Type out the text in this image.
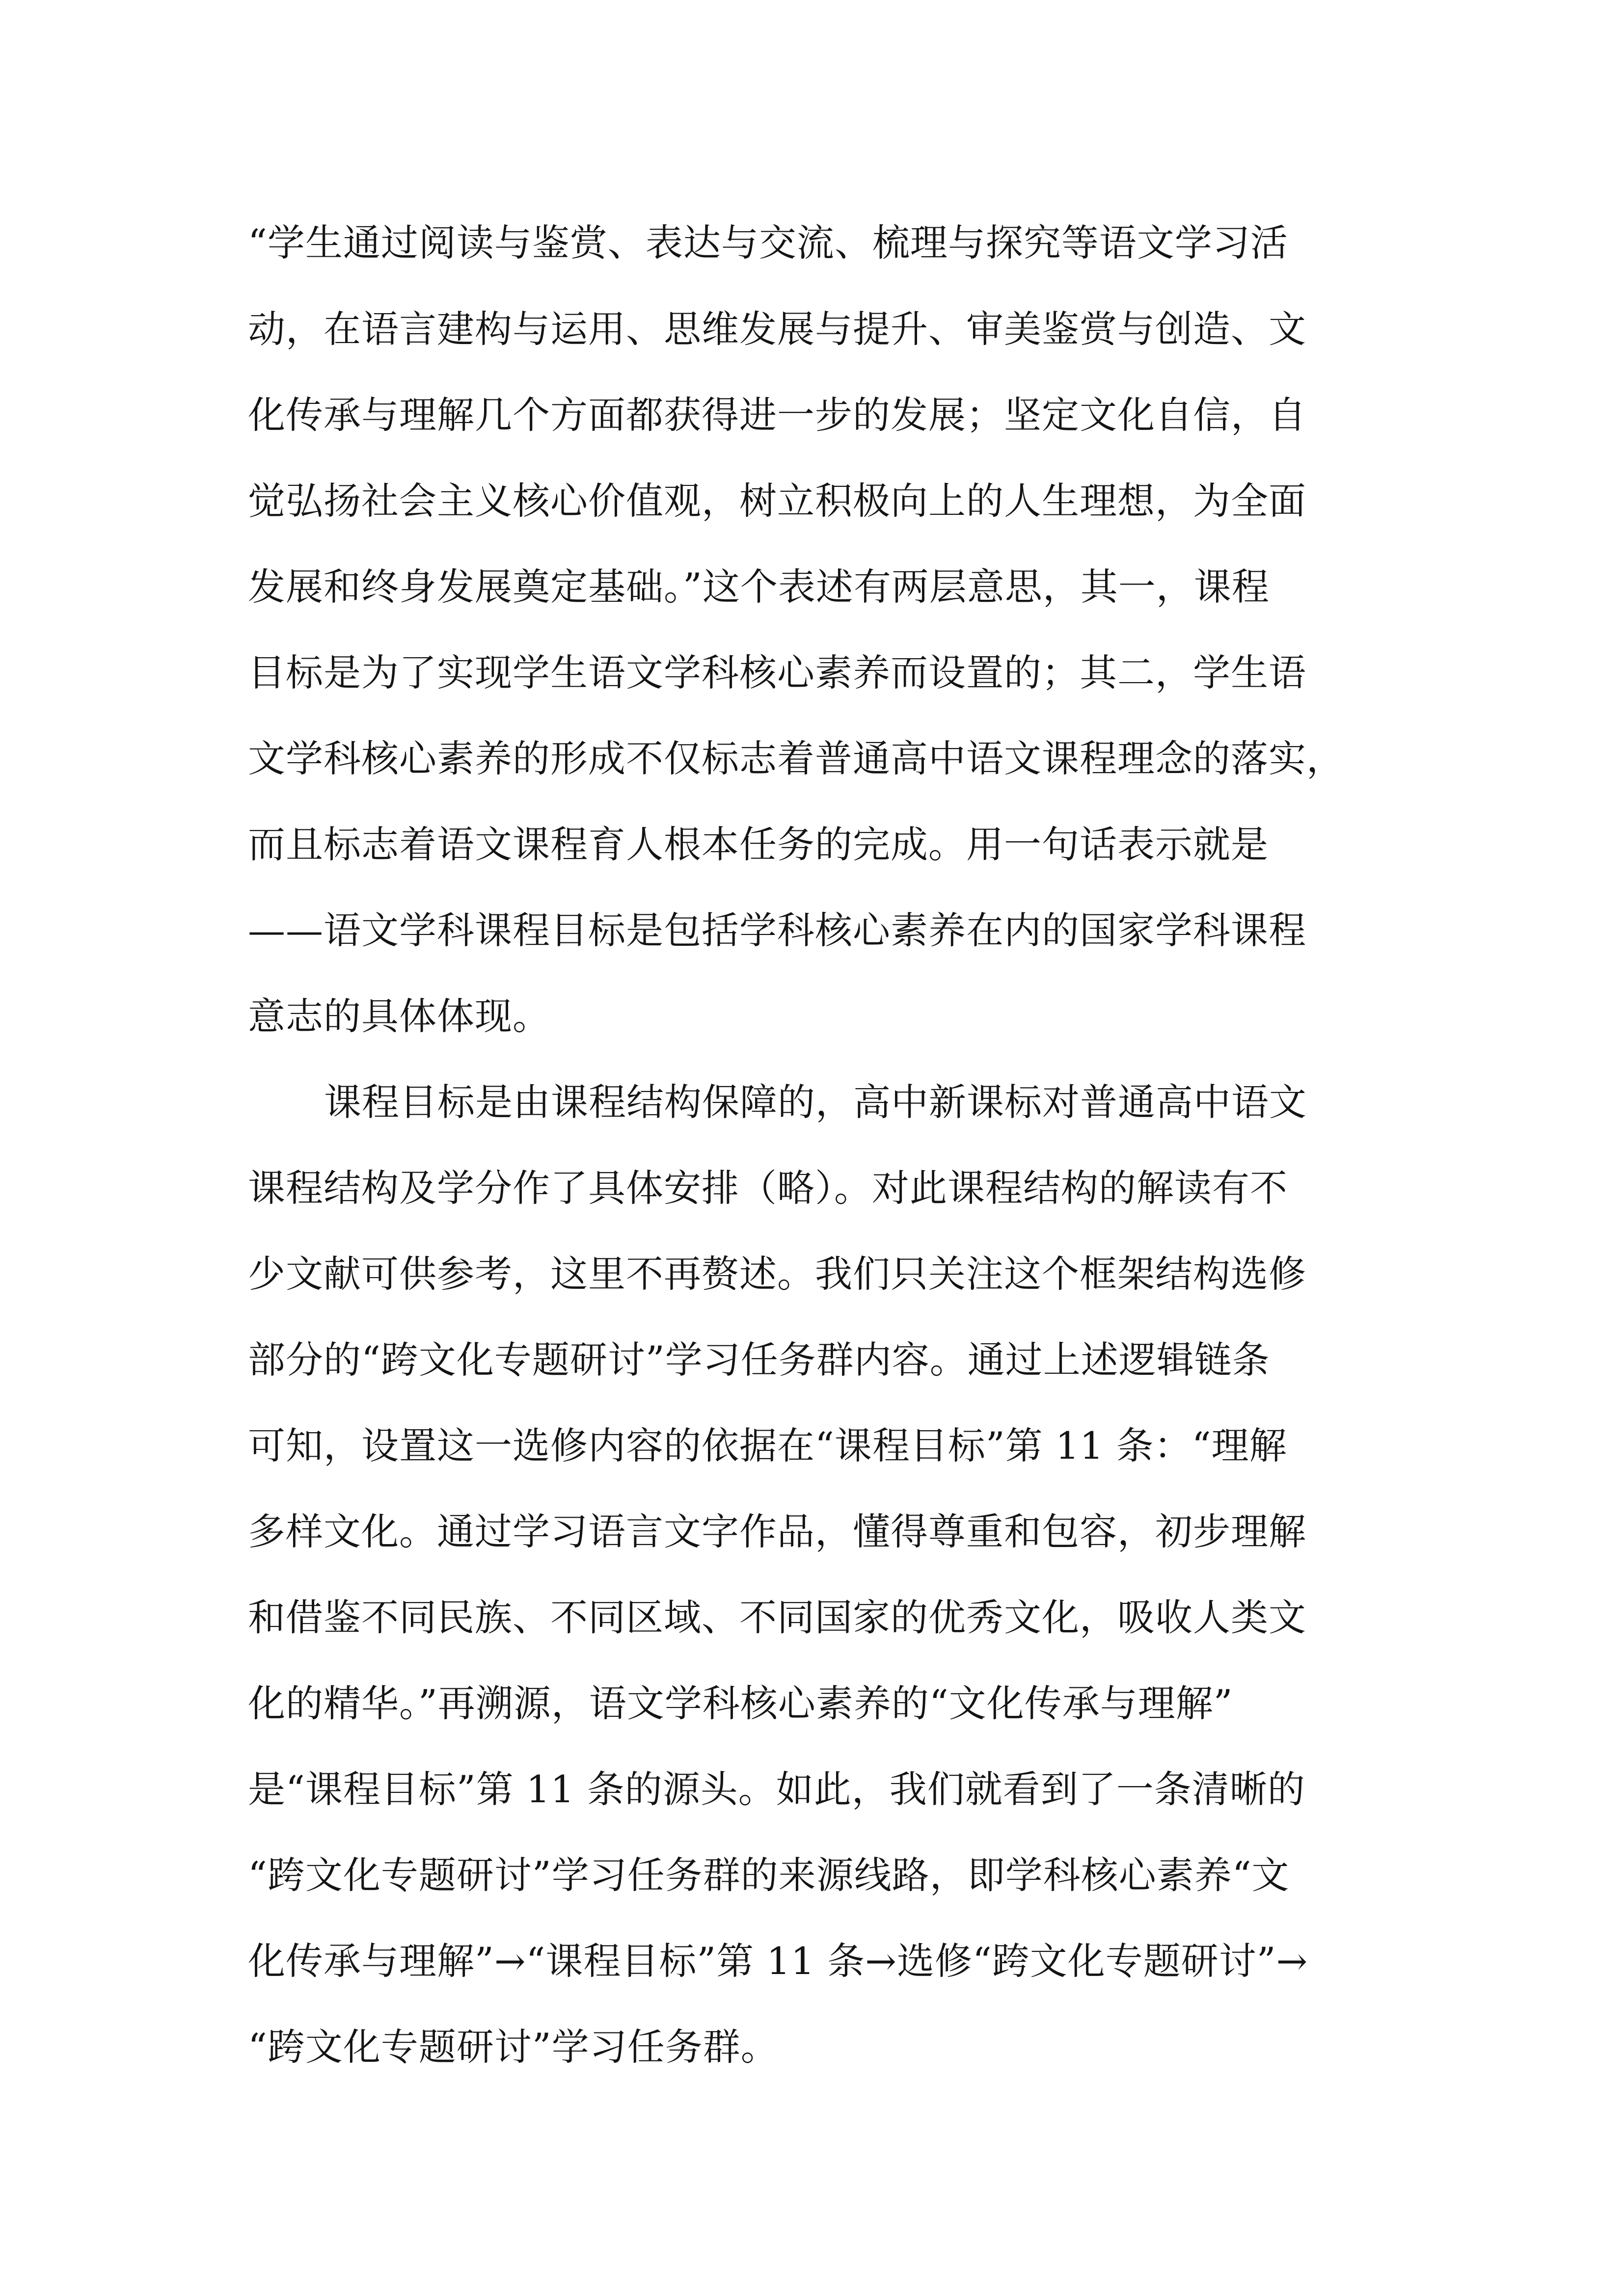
“学生通过阅读与鉴赏、表达与交流、梳理与探究等语文学习活
动，在语言建构与运用、思维发展与提升、审美鉴赏与创造、文
化传承与理解几个方面都获得进一步的发展；坚定文化自信，自
觉弘扬社会主义核心价值观，树立积极向上的人生理想，为全面
发展和终身发展奠定基础。”这个表述有两层意思，其一，课程
目标是为了实现学生语文学科核心素养而设置的；其二，学生语
文学科核心素养的形成不仅标志着普通高中语文课程理念的落实，
而且标志着语文课程育人根本任务的完成。用一句话表示就是
——语文学科课程目标是包括学科核心素养在内的国家学科课程
意志的具体体现。
课程目标是由课程结构保障的，高中新课标对普通高中语文
课程结构及学分作了具体安排（略）。对此课程结构的解读有不
少文献可供参考，这里不再赘述。我们只关注这个框架结构选修
部分的“跨文化专题研讨”学习任务群内容。通过上述逻辑链条
可知，设置这一选修内容的依据在“课程目标”第 11 条：“理解
多样文化。通过学习语言文字作品，懂得尊重和包容，初步理解
和借鉴不同民族、不同区域、不同国家的优秀文化，吸收人类文
化的精华。”再溯源，语文学科核心素养的“文化传承与理解”
是“课程目标”第 11 条的源头。如此，我们就看到了一条清晰的
“跨文化专题研讨”学习任务群的来源线路，即学科核心素养“文
化传承与理解”→“课程目标”第 11 条→选修“跨文化专题研讨”→
“跨文化专题研讨”学习任务群。
